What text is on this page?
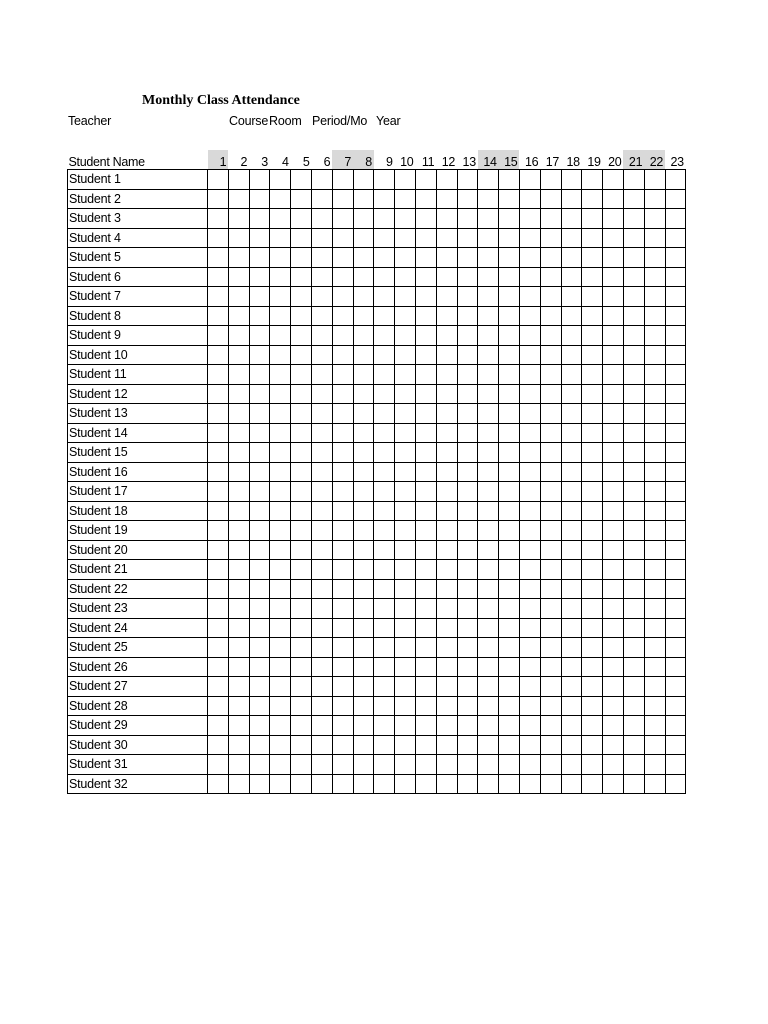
Monthly Class Attendance
Teacher	Course Room Period/Mo Year
Student Name	1	2	3	4	5	6	7	8	9	10	11	12	13	14	15	16	17	18	19	20	21	22	23
Student 1																							
Student 2																							
Student 3																							
Student 4																							
Student 5																							
Student 6																							
Student 7																							
Student 8																							
Student 9																							
Student 10																							
Student 11																							
Student 12																							
Student 13																							
Student 14																							
Student 15																							
Student 16																							
Student 17																							
Student 18																							
Student 19																							
Student 20																							
Student 21																							
Student 22																							
Student 23																							
Student 24																							
Student 25																							
Student 26																							
Student 27																							
Student 28																							
Student 29																							
Student 30																							
Student 31																							
Student 32																							
